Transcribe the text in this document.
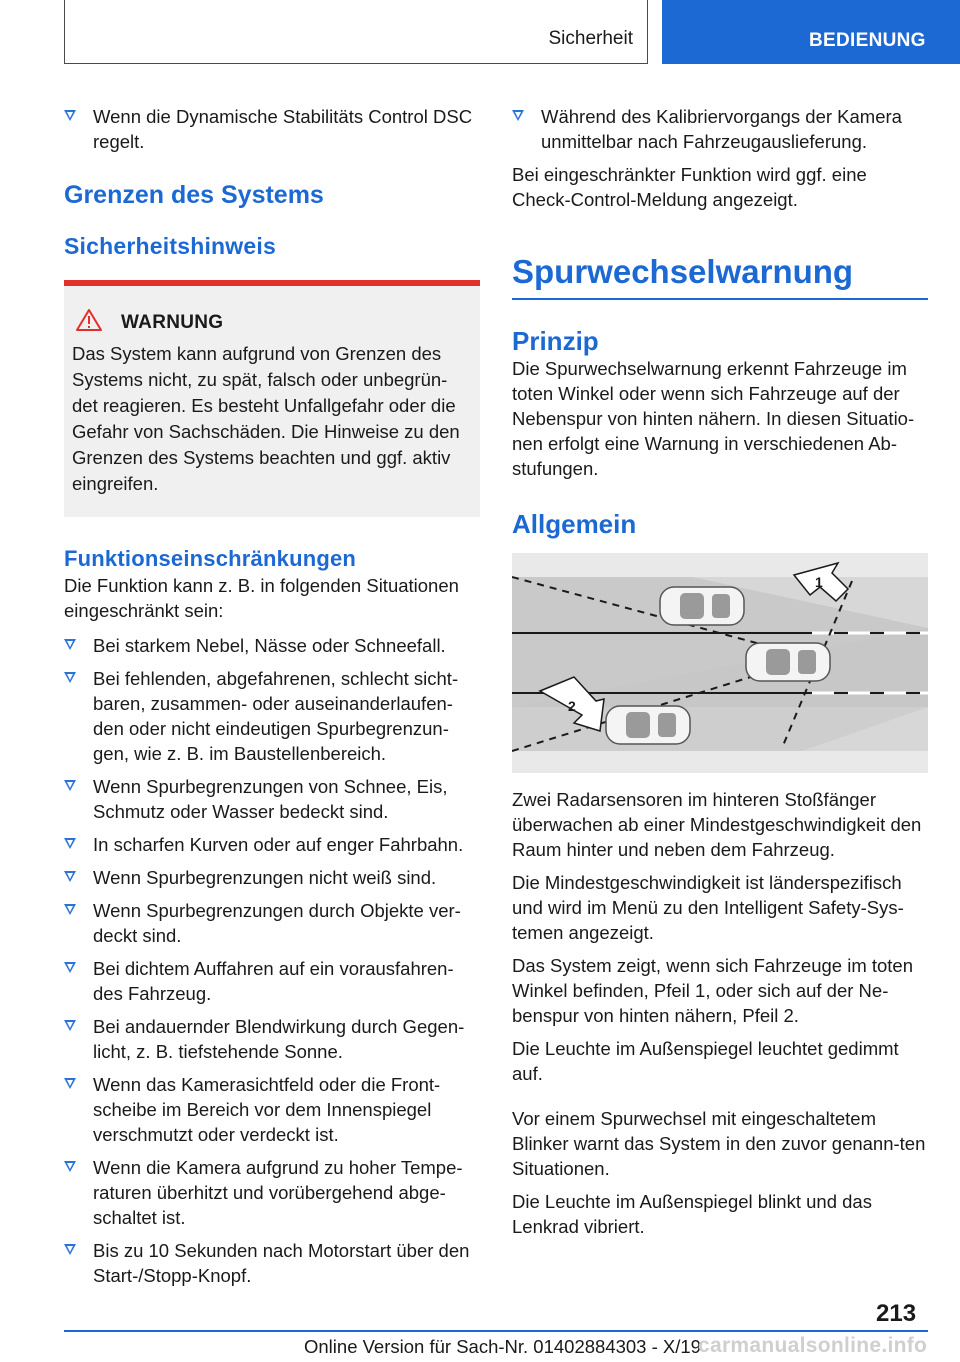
Sicherheit	BEDIENUNG
Wenn die Dynamische Stabilitäts Control DSC regelt.
Grenzen des Systems
Sicherheitshinweis
WARNUNG

Das System kann aufgrund von Grenzen des Systems nicht, zu spät, falsch oder unbegrün-det reagieren. Es besteht Unfallgefahr oder die Gefahr von Sachschäden. Die Hinweise zu den Grenzen des Systems beachten und ggf. aktiv eingreifen.

Funktionseinschränkungen

Die Funktion kann z. B. in folgenden Situationen eingeschränkt sein:

Bei starkem Nebel, Nässe oder Schneefall.
Bei fehlenden, abgefahrenen, schlecht sicht-baren, zusammen- oder auseinanderlaufen-den oder nicht eindeutigen Spurbegrenzun-gen, wie z. B. im Baustellenbereich.
Wenn Spurbegrenzungen von Schnee, Eis, Schmutz oder Wasser bedeckt sind.
In scharfen Kurven oder auf enger Fahrbahn.
Wenn Spurbegrenzungen nicht weiß sind.
Wenn Spurbegrenzungen durch Objekte ver-deckt sind.
Bei dichtem Auffahren auf ein vorausfahren-des Fahrzeug.
Bei andauernder Blendwirkung durch Gegen-licht, z. B. tiefstehende Sonne.
Wenn das Kamerasichtfeld oder die Front-scheibe im Bereich vor dem Innenspiegel verschmutzt oder verdeckt ist.
Wenn die Kamera aufgrund zu hoher Tempe-raturen überhitzt und vorübergehend abge-schaltet ist.
Bis zu 10 Sekunden nach Motorstart über den Start-/Stopp-Knopf.
Während des Kalibriervorgangs der Kamera unmittelbar nach Fahrzeugauslieferung.

Bei eingeschränkter Funktion wird ggf. eine Check-Control-Meldung angezeigt.

Spurwechselwarnung
Prinzip

Die Spurwechselwarnung erkennt Fahrzeuge im toten Winkel oder wenn sich Fahrzeuge auf der Nebenspur von hinten nähern. In diesen Situatio-nen erfolgt eine Warnung in verschiedenen Ab-stufungen.

Allgemein
1
2

Zwei Radarsensoren im hinteren Stoßfänger überwachen ab einer Mindestgeschwindigkeit den Raum hinter und neben dem Fahrzeug.

Die Mindestgeschwindigkeit ist länderspezifisch und wird im Menü zu den Intelligent Safety-Sys-temen angezeigt.

Das System zeigt, wenn sich Fahrzeuge im toten Winkel befinden, Pfeil 1, oder sich auf der Ne-benspur von hinten nähern, Pfeil 2.

Die Leuchte im Außenspiegel leuchtet gedimmt auf.

Vor einem Spurwechsel mit eingeschaltetem Blinker warnt das System in den zuvor genann-ten Situationen.

Die Leuchte im Außenspiegel blinkt und das Lenkrad vibriert.

213
Online Version für Sach-Nr. 01402884303 - X/19
carmanualsonline.info
